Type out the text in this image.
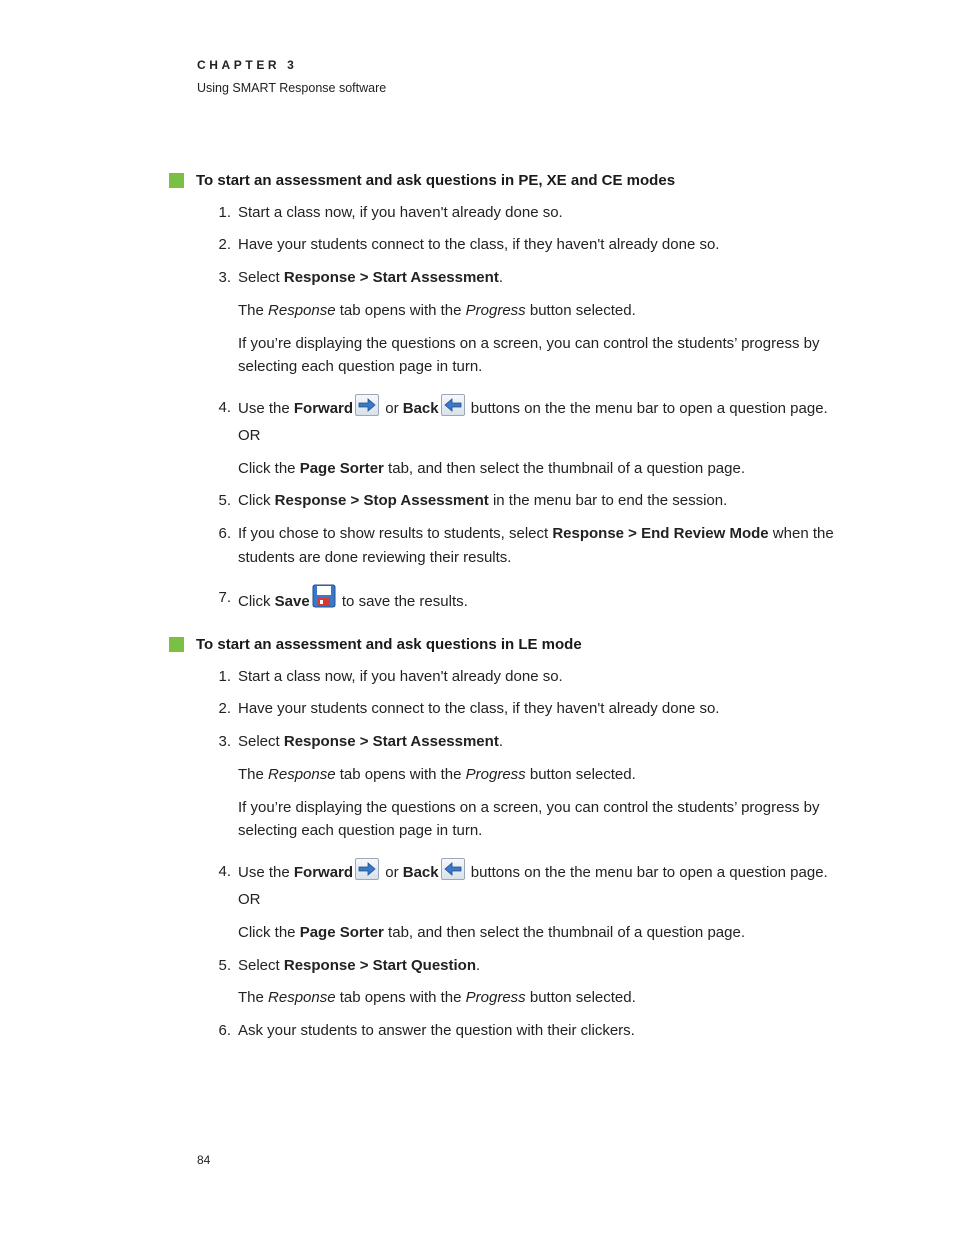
CHAPTER 3
Using SMART Response software
To start an assessment and ask questions in PE, XE and CE modes
1. Start a class now, if you haven't already done so.
2. Have your students connect to the class, if they haven't already done so.
3. Select Response > Start Assessment.
The Response tab opens with the Progress button selected.
If you’re displaying the questions on a screen, you can control the students’ progress by
selecting each question page in turn.
4. Use the Forward
or Back
buttons on the the menu bar to open a question page.
OR
Click the Page Sorter tab, and then select the thumbnail of a question page.
5. Click Response > Stop Assessment in the menu bar to end the session.
6. If you chose to show results to students, select Response > End Review Mode when the
students are done reviewing their results.
7. Click Save to save the results.
To start an assessment and ask questions in LE mode
1. Start a class now, if you haven't already done so.
2. Have your students connect to the class, if they haven't already done so.
3. Select Response > Start Assessment.
The Response tab opens with the Progress button selected.
If you’re displaying the questions on a screen, you can control the students’ progress by
selecting each question page in turn.
4. Use the Forward
or Back
buttons on the the menu bar to open a question page.
OR
Click the Page Sorter tab, and then select the thumbnail of a question page.
5. Select Response > Start Question.
The Response tab opens with the Progress button selected.
6. Ask your students to answer the question with their clickers.
84
